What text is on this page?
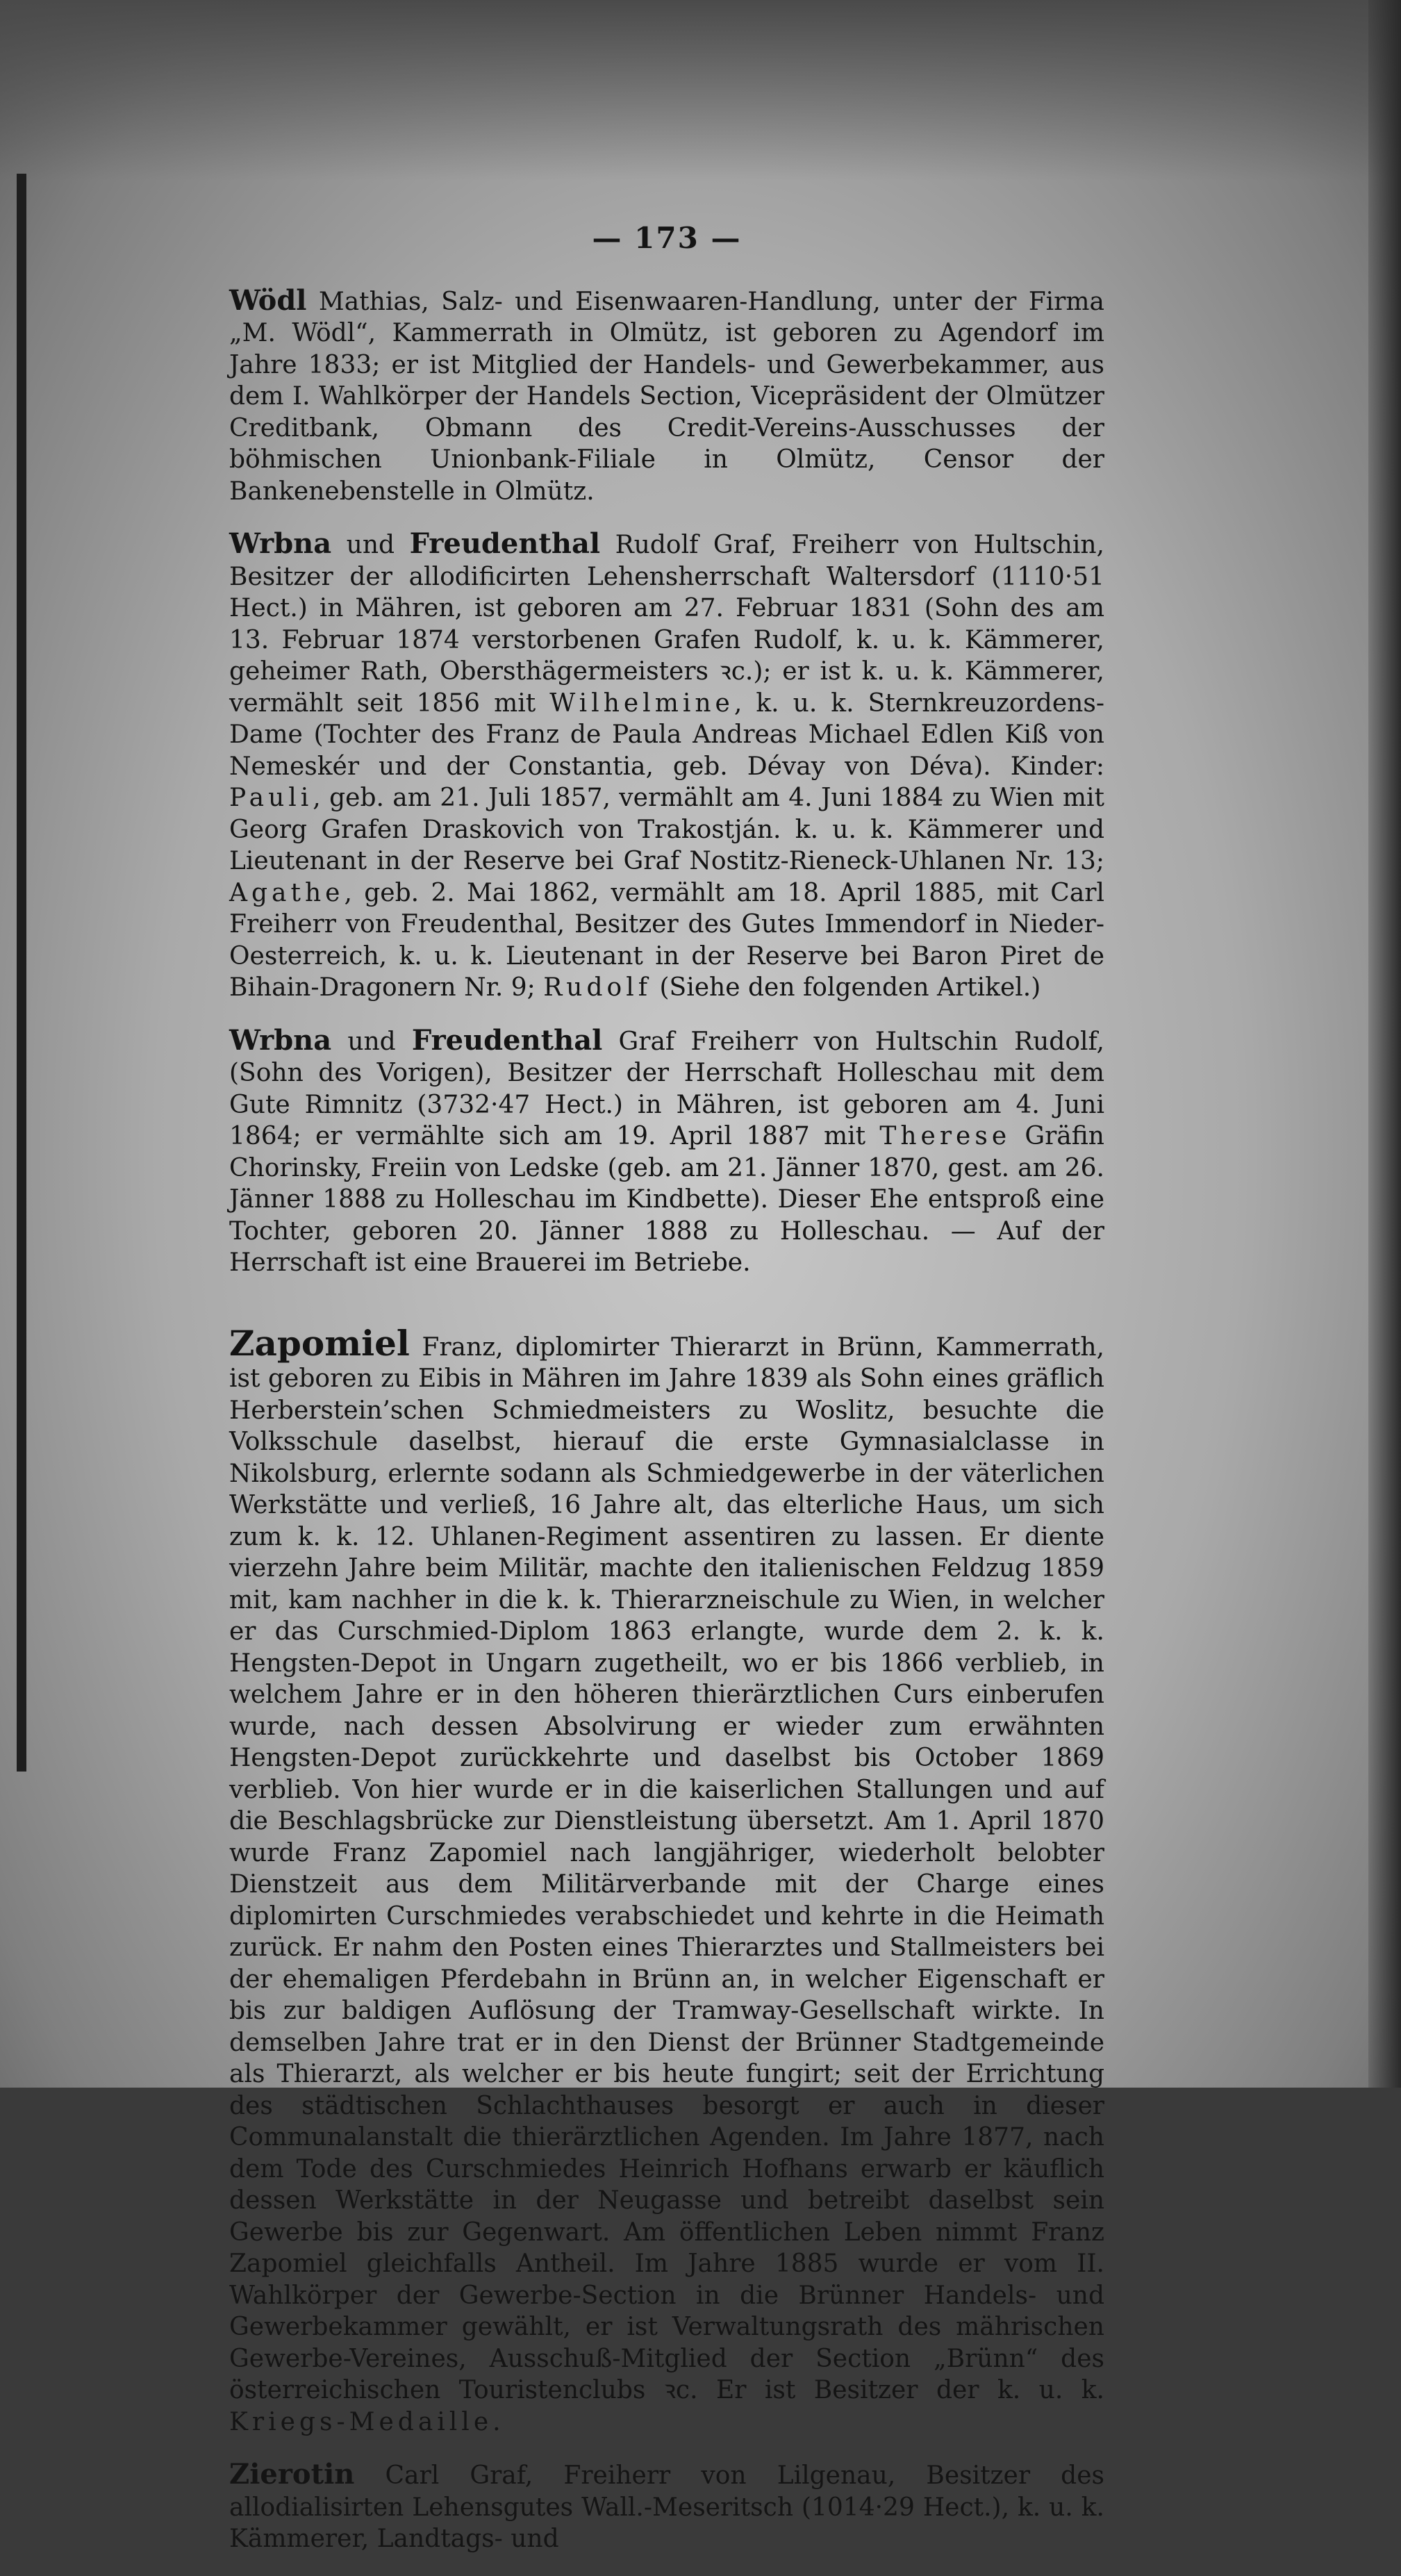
— 173 —

Wödl Mathias, Salz- und Eisenwaaren-Handlung, unter der Firma „M. Wödl“, Kammerrath in Olmütz, ist geboren zu Agendorf im Jahre 1833; er ist Mitglied der Handels- und Gewerbekammer, aus dem I. Wahlkörper der Handels Section, Vicepräsident der Olmützer Creditbank, Obmann des Credit-Vereins-Ausschusses der böhmischen Unionbank-Filiale in Olmütz, Censor der Bankenebenstelle in Olmütz.

Wrbna und Freudenthal Rudolf Graf, Freiherr von Hultschin, Besitzer der allodificirten Lehensherrschaft Waltersdorf (1110·51 Hect.) in Mähren, ist geboren am 27. Februar 1831 (Sohn des am 13. Februar 1874 verstorbenen Grafen Rudolf, k. u. k. Kämmerer, geheimer Rath, Obersthägermeisters ꝛc.); er ist k. u. k. Kämmerer, vermählt seit 1856 mit Wilhelmine, k. u. k. Sternkreuzordens-Dame (Tochter des Franz de Paula Andreas Michael Edlen Kiß von Nemeskér und der Constantia, geb. Dévay von Déva). Kinder: Pauli, geb. am 21. Juli 1857, vermählt am 4. Juni 1884 zu Wien mit Georg Grafen Draskovich von Trakostján. k. u. k. Kämmerer und Lieutenant in der Reserve bei Graf Nostitz-Rieneck-Uhlanen Nr. 13; Agathe, geb. 2. Mai 1862, vermählt am 18. April 1885, mit Carl Freiherr von Freudenthal, Besitzer des Gutes Immendorf in Nieder-Oesterreich, k. u. k. Lieutenant in der Reserve bei Baron Piret de Bihain-Dragonern Nr. 9; Rudolf (Siehe den folgenden Artikel.)

Wrbna und Freudenthal Graf Freiherr von Hultschin Rudolf, (Sohn des Vorigen), Besitzer der Herrschaft Holleschau mit dem Gute Rimnitz (3732·47 Hect.) in Mähren, ist geboren am 4. Juni 1864; er vermählte sich am 19. April 1887 mit Therese Gräfin Chorinsky, Freiin von Ledske (geb. am 21. Jänner 1870, gest. am 26. Jänner 1888 zu Holleschau im Kindbette). Dieser Ehe entsproß eine Tochter, geboren 20. Jänner 1888 zu Holleschau. — Auf der Herrschaft ist eine Brauerei im Betriebe.

Zapomiel Franz, diplomirter Thierarzt in Brünn, Kammerrath, ist geboren zu Eibis in Mähren im Jahre 1839 als Sohn eines gräflich Herberstein’schen Schmiedmeisters zu Woslitz, besuchte die Volksschule daselbst, hierauf die erste Gymnasialclasse in Nikolsburg, erlernte sodann als Schmiedgewerbe in der väterlichen Werkstätte und verließ, 16 Jahre alt, das elterliche Haus, um sich zum k. k. 12. Uhlanen-Regiment assentiren zu lassen. Er diente vierzehn Jahre beim Militär, machte den italienischen Feldzug 1859 mit, kam nachher in die k. k. Thierarzneischule zu Wien, in welcher er das Curschmied-Diplom 1863 erlangte, wurde dem 2. k. k. Hengsten-Depot in Ungarn zugetheilt, wo er bis 1866 verblieb, in welchem Jahre er in den höheren thierärztlichen Curs einberufen wurde, nach dessen Absolvirung er wieder zum erwähnten Hengsten-Depot zurückkehrte und daselbst bis October 1869 verblieb. Von hier wurde er in die kaiserlichen Stallungen und auf die Beschlagsbrücke zur Dienstleistung übersetzt. Am 1. April 1870 wurde Franz Zapomiel nach langjähriger, wiederholt belobter Dienstzeit aus dem Militärverbande mit der Charge eines diplomirten Curschmiedes verabschiedet und kehrte in die Heimath zurück. Er nahm den Posten eines Thierarztes und Stallmeisters bei der ehemaligen Pferdebahn in Brünn an, in welcher Eigenschaft er bis zur baldigen Auflösung der Tramway-Gesellschaft wirkte. In demselben Jahre trat er in den Dienst der Brünner Stadtgemeinde als Thierarzt, als welcher er bis heute fungirt; seit der Errichtung des städtischen Schlachthauses besorgt er auch in dieser Communalanstalt die thierärztlichen Agenden. Im Jahre 1877, nach dem Tode des Curschmiedes Heinrich Hofhans erwarb er käuflich dessen Werkstätte in der Neugasse und betreibt daselbst sein Gewerbe bis zur Gegenwart. Am öffentlichen Leben nimmt Franz Zapomiel gleichfalls Antheil. Im Jahre 1885 wurde er vom II. Wahlkörper der Gewerbe-Section in die Brünner Handels- und Gewerbekammer gewählt, er ist Verwaltungsrath des mährischen Gewerbe-Vereines, Ausschuß-Mitglied der Section „Brünn“ des österreichischen Touristenclubs ꝛc. Er ist Besitzer der k. u. k. Kriegs-Medaille.

Zierotin Carl Graf, Freiherr von Lilgenau, Besitzer des allodialisirten Lehensgutes Wall.-Meseritsch (1014·29 Hect.), k. u. k. Kämmerer, Landtags- und
